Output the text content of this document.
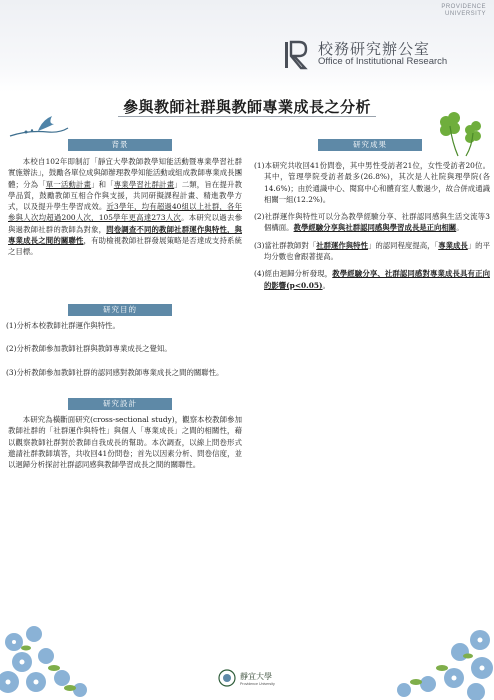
PROVIDENCE
UNIVERSITY
校務研究辦公室
Office of Institutional Research
參與教師社群與教師專業成長之分析
背景

本校自102年即制訂「靜宜大學教師教學知能活動暨專業學習社群實施辦法」，鼓勵各單位成與師辦理教學知能活動或組成教師專業成長團體；分為「單一活動計畫」和「專業學習社群計畫」二類，旨在提升教學品質，鼓勵教師互相合作與支援，共同研擬課程計畫、精進教學方式，以及提升學生學習成效。近3學年，均有超過40組以上社群，各年參與人次均超過200人次，105學年更高達273人次。本研究以過去參與過教師社群的教師為對象，問卷調查不同的教師社群運作與特性，與專業成長之間的關聯性，有助檢視教師社群發展策略是否達成支持系統之目標。

研究目的

(1)分析本校教師社群運作與特性。

(2)分析教師參加教師社群與教師專業成長之覺知。

(3)分析教師參加教師社群的認同感對教師專業成長之間的關聯性。

研究設計

本研究為橫斷面研究(cross-sectional study)，觀察本校教師參加教師社群的「社群運作與特性」與個人「專業成長」之間的相關性，藉以觀察教師社群對於教師自我成長的幫助。本次調查，以線上問卷形式邀請社群教師填答，共收回41份問卷；首先以因素分析、問卷信度，並以迴歸分析探討社群認同感與教師學習成長之間的關聯性。

研究成果

(1)本研究共收回41份問卷，其中男性受訪者21位，女性受訪者20位。其中，管理學院受訪者最多(26.8%)，其次是人社院與理學院(各14.6%)；由於通識中心、閱寫中心和體育室人數過少，故合併成通識相關一組(12.2%)。

(2)社群運作與特性可以分為教學經驗分享、社群認同感與生活交流等3個構面。教學經驗分享與社群認同感與學習成長是正向相關。

(3)當社群教師對「社群運作與特性」的認同程度提高，「專業成長」的平均分數也會跟著提高。

(4)經由迴歸分析發現，教學經驗分享、社群認同感對專業成長具有正向的影響(p<0.05)。

靜宜大學
Providence University
